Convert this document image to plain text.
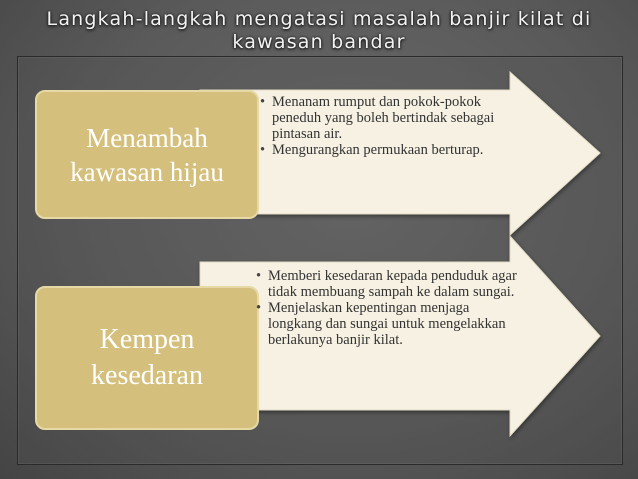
Langkah-langkah mengatasi masalah banjir kilat di
kawasan bandar
Menambah
kawasan hijau
• Menanam rumput dan pokok-pokok peneduh yang boleh bertindak sebagai pintasan air.
• Mengurangkan permukaan berturap.
Kempen
kesedaran
• Memberi kesedaran kepada penduduk agar tidak membuang sampah ke dalam sungai.
• Menjelaskan kepentingan menjaga longkang dan sungai untuk mengelakkan berlakunya banjir kilat.
